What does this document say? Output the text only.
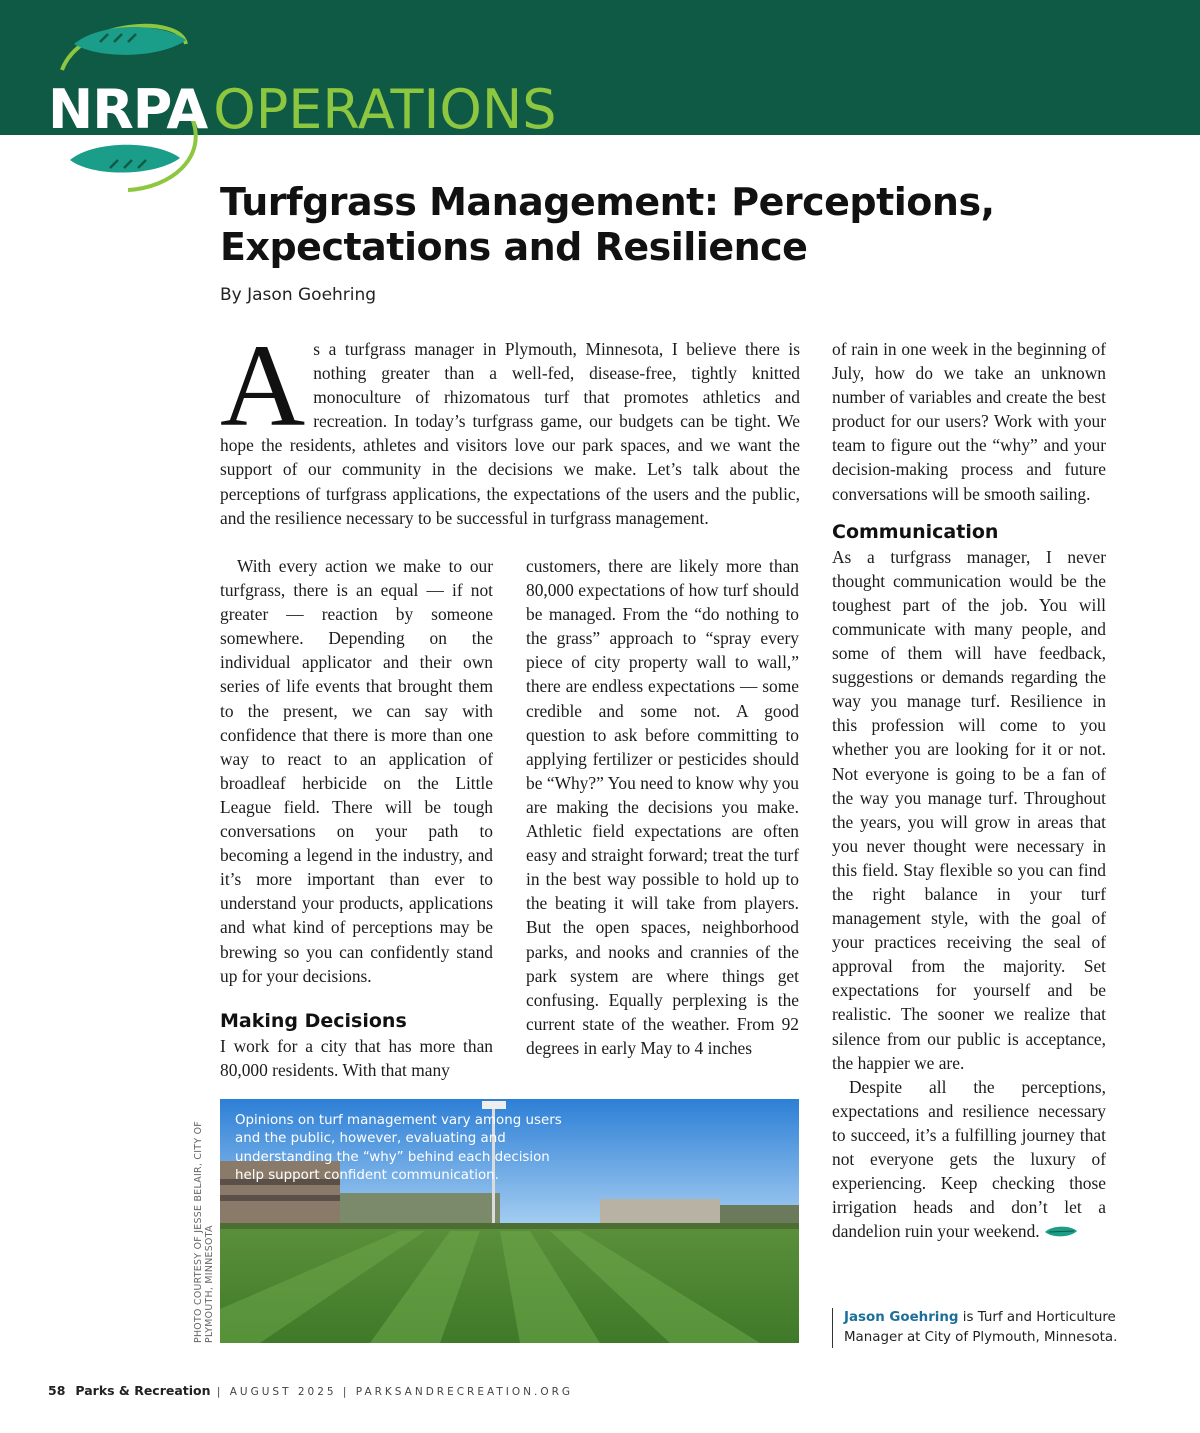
NRPA OPERATIONS
Turfgrass Management: Perceptions,
Expectations and Resilience
By Jason Goehring
A s a turfgrass manager in Plymouth, Minnesota, I believe there is nothing greater than a well-fed, disease-free, tightly knitted monoculture of rhizomatous turf that promotes athletics and recreation. In today’s turfgrass game, our budgets can be tight. We hope the residents, athletes and visitors love our park spaces, and we want the support of our community in the decisions we make. Let’s talk about the perceptions of turfgrass applications, the expectations of the users and the public, and the resilience necessary to be successful in turfgrass management.

With every action we make to our turfgrass, there is an equal — if not greater — reaction by someone somewhere. Depending on the individual applicator and their own series of life events that brought them to the present, we can say with confidence that there is more than one way to react to an application of broadleaf herbicide on the Little League field. There will be tough conversations on your path to becoming a legend in the industry, and it’s more important than ever to understand your products, applications and what kind of perceptions may be brewing so you can confidently stand up for your decisions.

Making Decisions

I work for a city that has more than 80,000 residents. With that many

customers, there are likely more than 80,000 expectations of how turf should be managed. From the “do nothing to the grass” approach to “spray every piece of city property wall to wall,” there are endless expectations — some credible and some not. A good question to ask before committing to applying fertilizer or pesticides should be “Why?” You need to know why you are making the decisions you make. Athletic field expectations are often easy and straight forward; treat the turf in the best way possible to hold up to the beating it will take from players. But the open spaces, neighborhood parks, and nooks and crannies of the park system are where things get confusing. Equally perplexing is the current state of the weather. From 92 degrees in early May to 4 inches

of rain in one week in the beginning of July, how do we take an unknown number of variables and create the best product for our users? Work with your team to figure out the “why” and your decision-making process and future conversations will be smooth sailing.

Communication

As a turfgrass manager, I never thought communication would be the toughest part of the job. You will communicate with many people, and some of them will have feedback, suggestions or demands regarding the way you manage turf. Resilience in this profession will come to you whether you are looking for it or not. Not everyone is going to be a fan of the way you manage turf. Throughout the years, you will grow in areas that you never thought were necessary in this field. Stay flexible so you can find the right balance in your turf management style, with the goal of your practices receiving the seal of approval from the majority. Set expectations for yourself and be realistic. The sooner we realize that silence from our public is acceptance, the happier we are.

Despite all the perceptions, expectations and resilience necessary to succeed, it’s a fulfilling journey that not everyone gets the luxury of experiencing. Keep checking those irrigation heads and don’t let a dandelion ruin your weekend.

Opinions on turf management vary among users and the public, however, evaluating and understanding the “why” behind each decision help support confident communication.
PHOTO COURTESY OF JESSE BELAIR, CITY OF PLYMOUTH, MINNESOTA	Jason Goehring is Turf and Horticulture Manager at City of Plymouth, Minnesota.
58 Parks & Recreation | AUGUST 2025 | PARKSANDRECREATION.ORG
